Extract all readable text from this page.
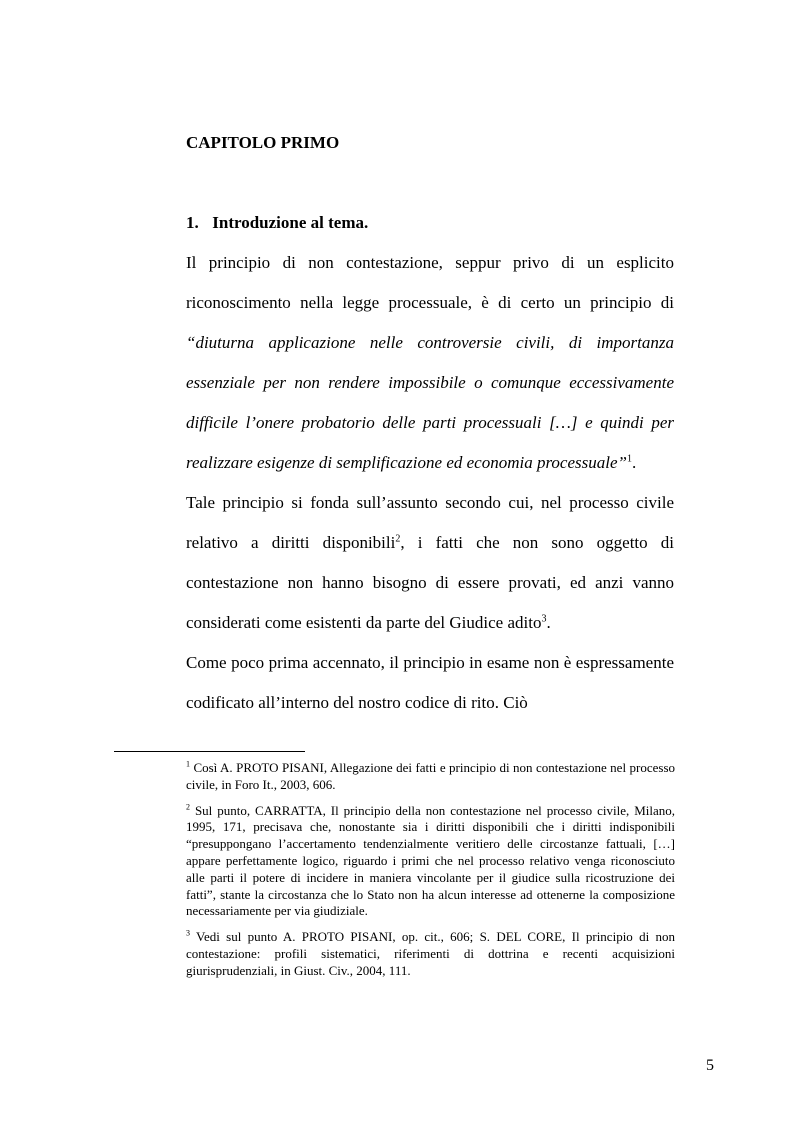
CAPITOLO PRIMO
1. Introduzione al tema.

Il principio di non contestazione, seppur privo di un esplicito riconoscimento nella legge processuale, è di certo un principio di “diuturna applicazione nelle controversie civili, di importanza essenziale per non rendere impossibile o comunque eccessivamente difficile l’onere probatorio delle parti processuali […] e quindi per realizzare esigenze di semplificazione ed economia processuale”$^1$.

Tale principio si fonda sull’assunto secondo cui, nel processo civile relativo a diritti disponibili$^2$, i fatti che non sono oggetto di contestazione non hanno bisogno di essere provati, ed anzi vanno considerati come esistenti da parte del Giudice adito$^3$.

Come poco prima accennato, il principio in esame non è espressamente codificato all’interno del nostro codice di rito. Ciò

$^1$ Così A. PROTO PISANI, Allegazione dei fatti e principio di non contestazione nel processo civile, in Foro It., 2003, 606.

$^2$ Sul punto, CARRATTA, Il principio della non contestazione nel processo civile, Milano, 1995, 171, precisava che, nonostante sia i diritti disponibili che i diritti indisponibili “presuppongano l’accertamento tendenzialmente veritiero delle circostanze fattuali, […] appare perfettamente logico, riguardo i primi che nel processo relativo venga riconosciuto alle parti il potere di incidere in maniera vincolante per il giudice sulla ricostruzione dei fatti”, stante la circostanza che lo Stato non ha alcun interesse ad ottenerne la composizione necessariamente per via giudiziale.

$^3$ Vedi sul punto A. PROTO PISANI, op. cit., 606; S. DEL CORE, Il principio di non contestazione: profili sistematici, riferimenti di dottrina e recenti acquisizioni giurisprudenziali, in Giust. Civ., 2004, 111.

5
